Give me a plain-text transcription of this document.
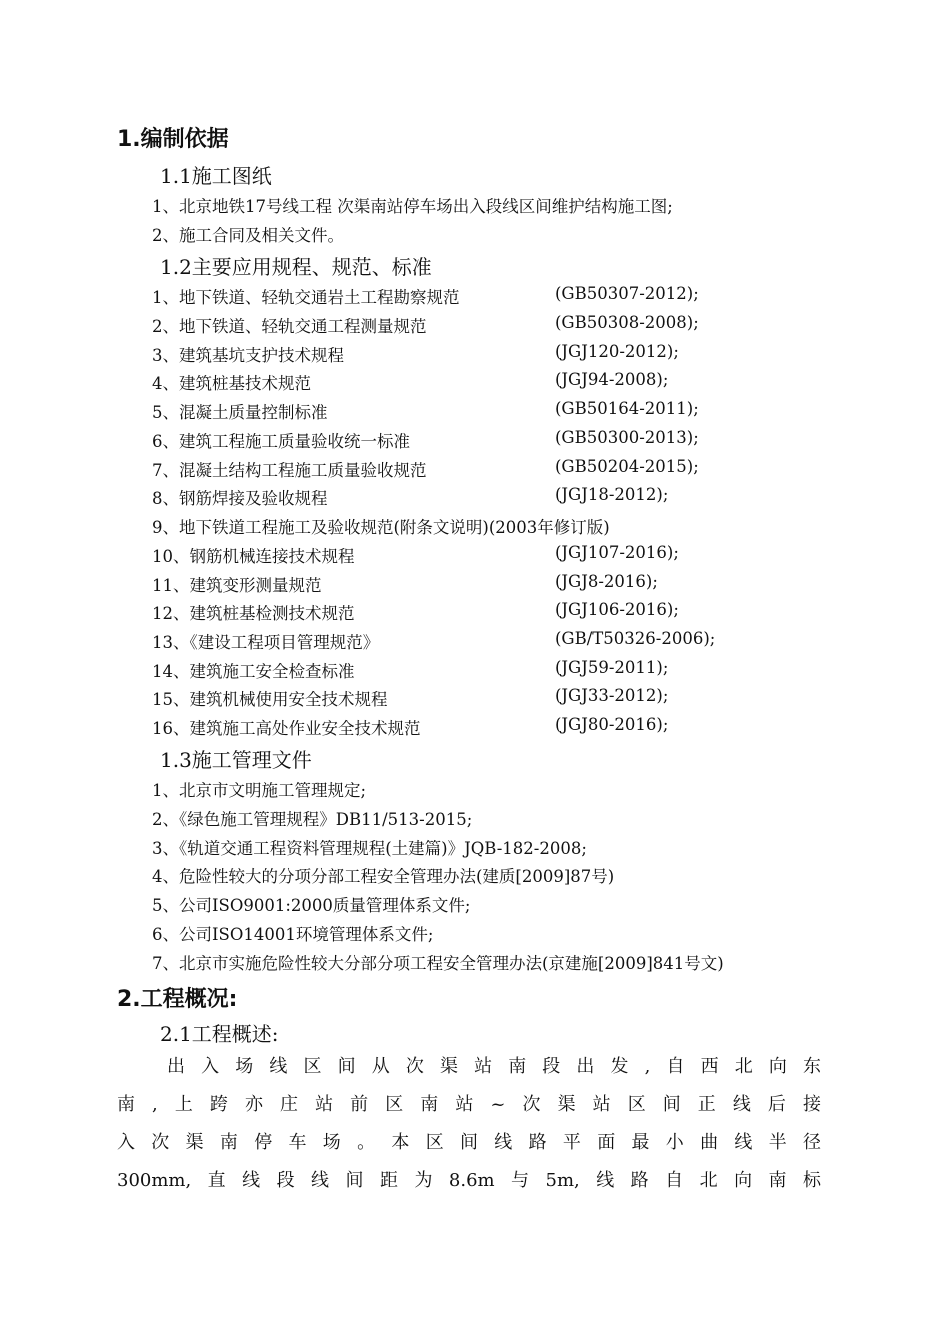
1.编制依据
1.1施工图纸
1、北京地铁17号线工程 次渠南站停车场出入段线区间维护结构施工图;
2、施工合同及相关文件。
1.2主要应用规程、规范、标准
1、地下铁道、轻轨交通岩土工程勘察规范	(GB50307-2012);
2、地下铁道、轻轨交通工程测量规范	(GB50308-2008);
3、建筑基坑支护技术规程	(JGJ120-2012);
4、建筑桩基技术规范	(JGJ94-2008);
5、混凝土质量控制标准	(GB50164-2011);
6、建筑工程施工质量验收统一标准	(GB50300-2013);
7、混凝土结构工程施工质量验收规范	(GB50204-2015);
8、钢筋焊接及验收规程	(JGJ18-2012);
9、地下铁道工程施工及验收规范(附条文说明)(2003年修订版)
10、钢筋机械连接技术规程	(JGJ107-2016);
11、建筑变形测量规范	(JGJ8-2016);
12、建筑桩基检测技术规范	(JGJ106-2016);
13、《建设工程项目管理规范》	(GB/T50326-2006);
14、建筑施工安全检查标准	(JGJ59-2011);
15、建筑机械使用安全技术规程	(JGJ33-2012);
16、建筑施工高处作业安全技术规范	(JGJ80-2016);
1.3施工管理文件
1、北京市文明施工管理规定;
2、《绿色施工管理规程》DB11/513-2015;
3、《轨道交通工程资料管理规程(土建篇)》JQB-182-2008;
4、危险性较大的分项分部工程安全管理办法(建质[2009]87号)
5、公司ISO9001:2000质量管理体系文件;
6、公司ISO14001环境管理体系文件;
7、北京市实施危险性较大分部分项工程安全管理办法(京建施[2009]841号文)
2.工程概况:
2.1工程概述:
出入场线区间从次渠站南段出发,自西北向东
南,上跨亦庄站前区南站~次渠站区间正线后接
入次渠南停车场。本区间线路平面最小曲线半径
300mm,直线段线间距为8.6m与5m,线路自北向南标
